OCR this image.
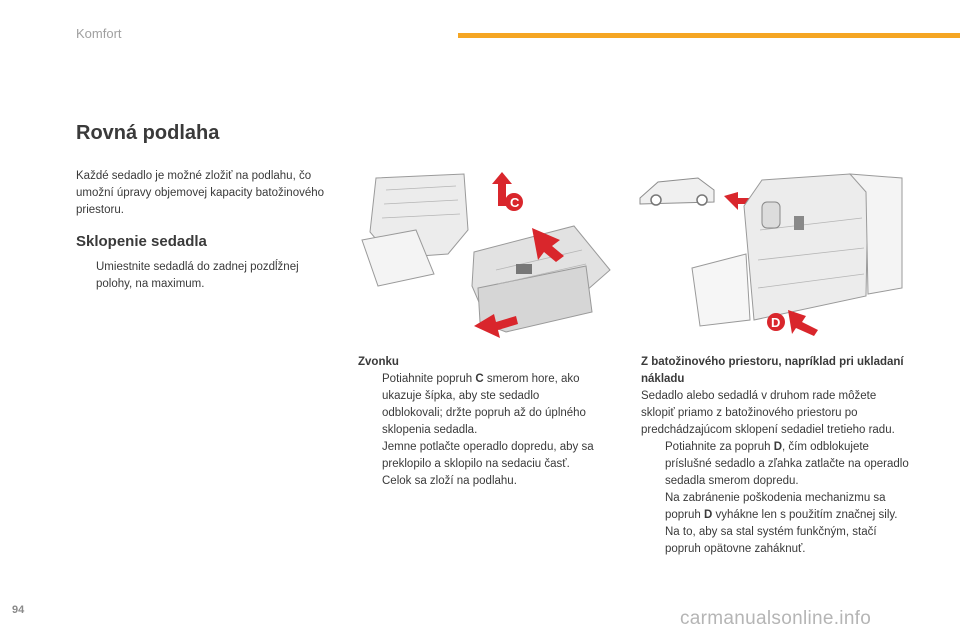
Komfort
Rovná podlaha

Každé sedadlo je možné zložiť na podlahu, čo umožní úpravy objemovej kapacity batožinového priestoru.

Sklopenie sedadla

Umiestnite sedadlá do zadnej pozdĺžnej polohy, na maximum.

C
D

Zvonku

Potiahnite popruh C smerom hore, ako ukazuje šípka, aby ste sedadlo odblokovali; držte popruh až do úplného sklopenia sedadla.

Jemne potlačte operadlo dopredu, aby sa preklopilo a sklopilo na sedaciu časť. Celok sa zloží na podlahu.

Z batožinového priestoru, napríklad pri ukladaní nákladu

Sedadlo alebo sedadlá v druhom rade môžete sklopiť priamo z batožinového priestoru po predchádzajúcom sklopení sedadiel tretieho radu.

Potiahnite za popruh D, čím odblokujete príslušné sedadlo a zľahka zatlačte na operadlo sedadla smerom dopredu.

Na zabránenie poškodenia mechanizmu sa popruh D vyhákne len s použitím značnej sily. Na to, aby sa stal systém funkčným, stačí popruh opätovne zaháknuť.

94	carmanualsonline.info
